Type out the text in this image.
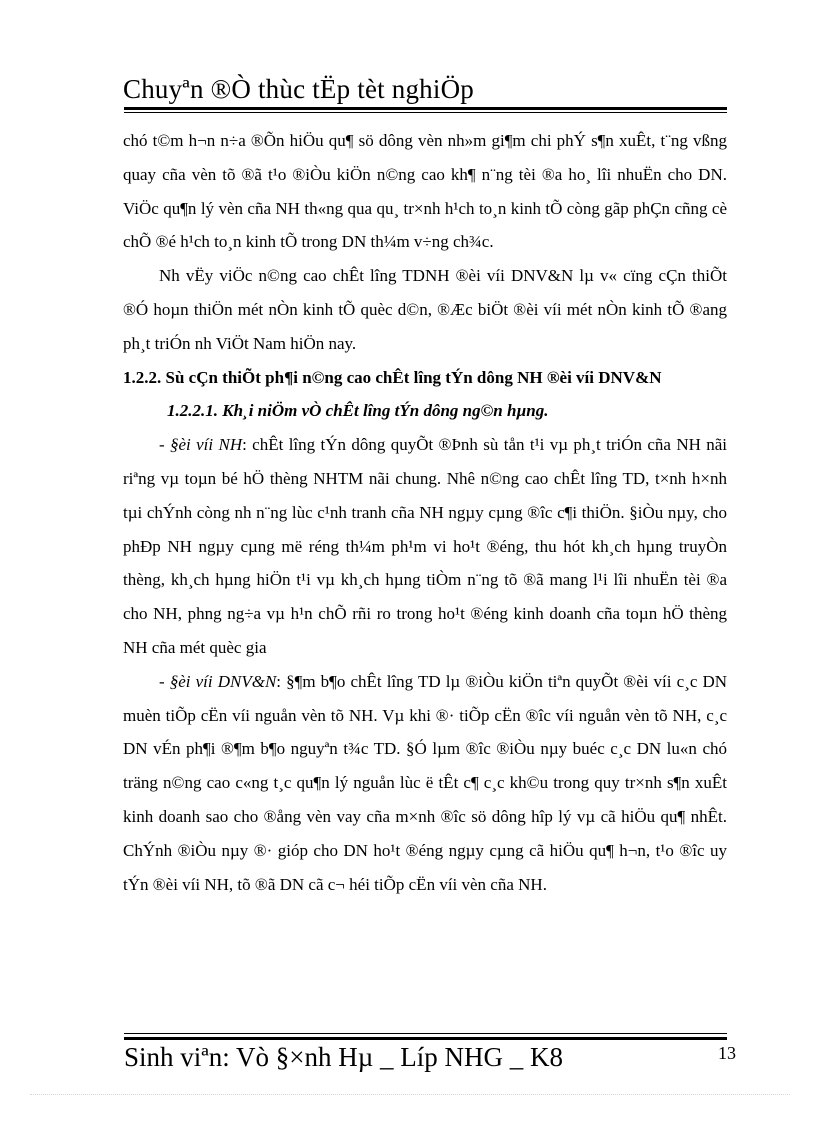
Chuyªn ®Ò thùc tËp tèt nghiÖp

chó t©m h¬n n÷a ®Õn hiÖu qu¶ sö dông vèn nh»m gi¶m chi phÝ s¶n xuÊt, t¨ng vßng quay cña vèn tõ ®ã t¹o ®iÒu kiÖn n©ng cao kh¶ n¨ng tèi ®a ho¸ lîi nhuËn cho DN. ViÖc qu¶n lý vèn cña NH th«ng qua qu¸ tr×nh h¹ch to¸n kinh tÕ còng gãp phÇn cñng cè chÕ ®é h¹ch to¸n kinh tÕ trong DN th¼m v÷ng ch¾c.

Nh vËy viÖc n©ng cao chÊt lîng TDNH ®èi víi DNV&N lµ v« cïng cÇn thiÕt ®Ó hoµn thiÖn mét nÒn kinh tÕ quèc d©n, ®Æc biÖt ®èi víi mét nÒn kinh tÕ ®ang ph¸t triÓn nh ViÖt Nam hiÖn nay.

1.2.2. Sù cÇn thiÕt ph¶i n©ng cao chÊt lîng tÝn dông NH ®èi víi DNV&N

1.2.2.1. Kh¸i niÖm vÒ chÊt lîng tÝn dông ng©n hµng.

- §èi víi NH: chÊt lîng tÝn dông quyÕt ®Þnh sù tån t¹i vµ ph¸t triÓn cña NH nãi riªng vµ toµn bé hÖ thèng NHTM nãi chung. Nhê n©ng cao chÊt lîng TD, t×nh h×nh tµi chÝnh còng nh n¨ng lùc c¹nh tranh cña NH ngµy cµng ®îc c¶i thiÖn. §iÒu nµy, cho phÐp NH ngµy cµng më réng th¼m ph¹m vi ho¹t ®éng, thu hót kh¸ch hµng truyÒn thèng, kh¸ch hµng hiÖn t¹i vµ kh¸ch hµng tiÒm n¨ng tõ ®ã mang l¹i lîi nhuËn tèi ®a cho NH, phng ng÷a vµ h¹n chÕ rñi ro trong ho¹t ®éng kinh doanh cña toµn hÖ thèng NH cña mét quèc gia

- §èi víi DNV&N: §¶m b¶o chÊt lîng TD lµ ®iÒu kiÖn tiªn quyÕt ®èi víi c¸c DN muèn tiÕp cËn víi nguån vèn tõ NH. Vµ khi ®· tiÕp cËn ®îc víi nguån vèn tõ NH, c¸c DN vÉn ph¶i ®¶m b¶o nguyªn t¾c TD. §Ó lµm ®îc ®iÒu nµy buéc c¸c DN lu«n chó träng n©ng cao c«ng t¸c qu¶n lý nguån lùc ë tÊt c¶ c¸c kh©u trong quy tr×nh s¶n xuÊt kinh doanh sao cho ®ång vèn vay cña m×nh ®îc sö dông hîp lý vµ cã hiÖu qu¶ nhÊt. ChÝnh ®iÒu nµy ®· gióp cho DN ho¹t ®éng ngµy cµng cã hiÖu qu¶ h¬n, t¹o ®îc uy tÝn ®èi víi NH, tõ ®ã DN cã c¬ héi tiÕp cËn víi vèn cña NH.

Sinh viªn: Vò §×nh Hµ _ Líp NHG _ K8	13
